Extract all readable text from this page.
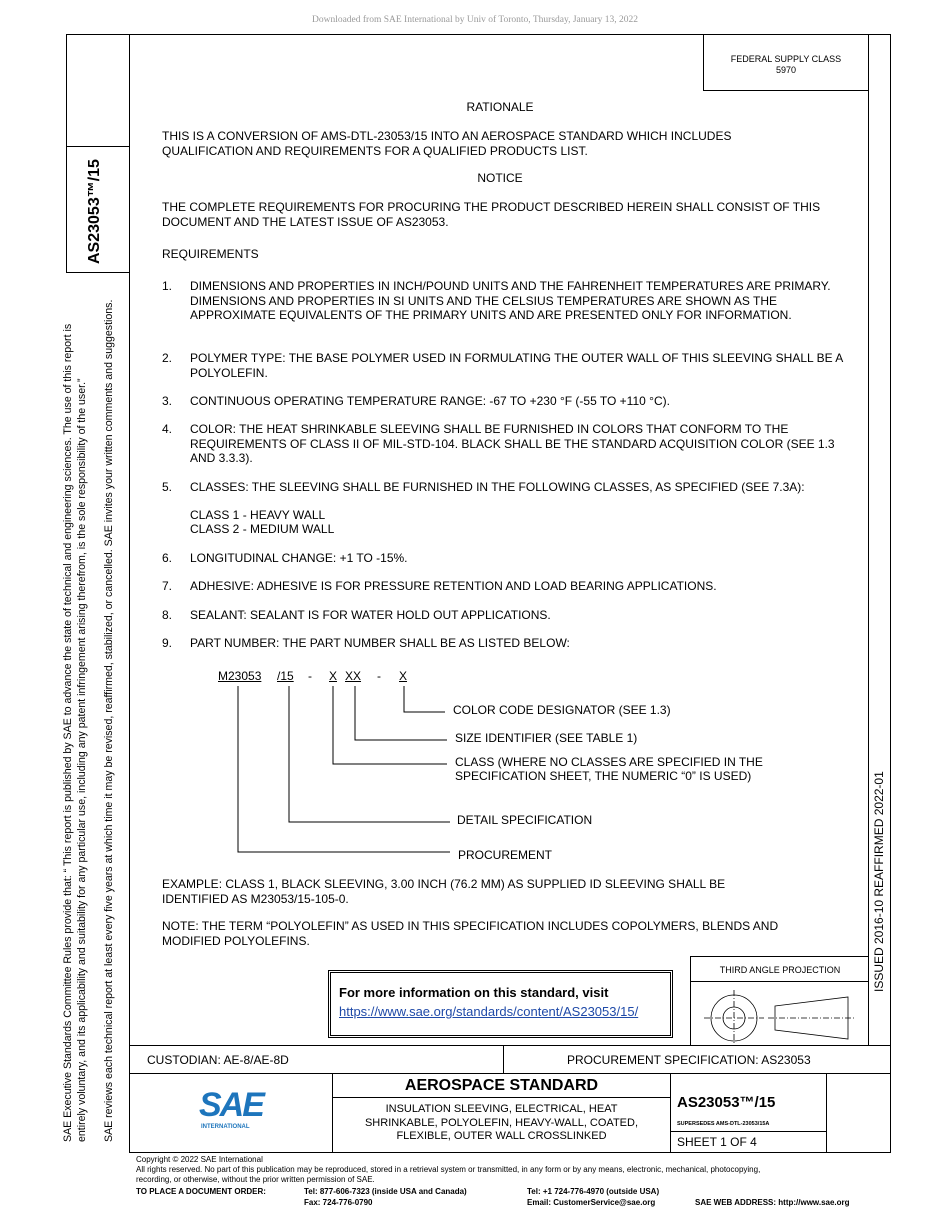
Downloaded from SAE International by Univ of Toronto, Thursday, January 13, 2022
FEDERAL SUPPLY CLASS
5970
AS23053™/15
SAE Executive Standards Committee Rules provide that: “ This report is published by SAE to advance the state of technical and engineering sciences. The use of this report is entirely voluntary, and its applicability and suitability for any particular use, including any patent infringement arising therefrom, is the sole responsibility of the user.” SAE reviews each technical report at least every five years at which time it may be revised, reaffirmed, stabilized, or cancelled. SAE invites your written comments and suggestions.	ISSUED 2016-10 REAFFIRMED 2022-01
RATIONALE
THIS IS A CONVERSION OF AMS-DTL-23053/15 INTO AN AEROSPACE STANDARD WHICH INCLUDES QUALIFICATION AND REQUIREMENTS FOR A QUALIFIED PRODUCTS LIST.
NOTICE
THE COMPLETE REQUIREMENTS FOR PROCURING THE PRODUCT DESCRIBED HEREIN SHALL CONSIST OF THIS DOCUMENT AND THE LATEST ISSUE OF AS23053.
REQUIREMENTS
1. DIMENSIONS AND PROPERTIES IN INCH/POUND UNITS AND THE FAHRENHEIT TEMPERATURES ARE PRIMARY. DIMENSIONS AND PROPERTIES IN SI UNITS AND THE CELSIUS TEMPERATURES ARE SHOWN AS THE APPROXIMATE EQUIVALENTS OF THE PRIMARY UNITS AND ARE PRESENTED ONLY FOR INFORMATION.
2. POLYMER TYPE: THE BASE POLYMER USED IN FORMULATING THE OUTER WALL OF THIS SLEEVING SHALL BE A POLYOLEFIN.
3. CONTINUOUS OPERATING TEMPERATURE RANGE: -67 TO +230 °F (-55 TO +110 °C).
4. COLOR: THE HEAT SHRINKABLE SLEEVING SHALL BE FURNISHED IN COLORS THAT CONFORM TO THE REQUIREMENTS OF CLASS II OF MIL-STD-104. BLACK SHALL BE THE STANDARD ACQUISITION COLOR (SEE 1.3 AND 3.3.3).
5. CLASSES: THE SLEEVING SHALL BE FURNISHED IN THE FOLLOWING CLASSES, AS SPECIFIED (SEE 7.3A):
CLASS 1 - HEAVY WALL
CLASS 2 - MEDIUM WALL
6. LONGITUDINAL CHANGE: +1 TO -15%.
7. ADHESIVE: ADHESIVE IS FOR PRESSURE RETENTION AND LOAD BEARING APPLICATIONS.
8. SEALANT: SEALANT IS FOR WATER HOLD OUT APPLICATIONS.
9. PART NUMBER: THE PART NUMBER SHALL BE AS LISTED BELOW:
M23053 /15 - X XX - X
COLOR CODE DESIGNATOR (SEE 1.3)
SIZE IDENTIFIER (SEE TABLE 1)
CLASS (WHERE NO CLASSES ARE SPECIFIED IN THE
SPECIFICATION SHEET, THE NUMERIC “0” IS USED)
DETAIL SPECIFICATION
PROCUREMENT
EXAMPLE: CLASS 1, BLACK SLEEVING, 3.00 INCH (76.2 MM) AS SUPPLIED ID SLEEVING SHALL BE IDENTIFIED AS M23053/15-105-0.
NOTE: THE TERM “POLYOLEFIN” AS USED IN THIS SPECIFICATION INCLUDES COPOLYMERS, BLENDS AND MODIFIED POLYOLEFINS.
For more information on this standard, visit
https://www.sae.org/standards/content/AS23053/15/
THIRD ANGLE PROJECTION
CUSTODIAN: AE-8/AE-8D	PROCUREMENT SPECIFICATION: AS23053
SAE
INTERNATIONAL
AEROSPACE STANDARD
INSULATION SLEEVING, ELECTRICAL, HEAT
SHRINKABLE, POLYOLEFIN, HEAVY-WALL, COATED,
FLEXIBLE, OUTER WALL CROSSLINKED
AS23053™/15
SUPERSEDES AMS-DTL-23053/15A
SHEET 1 OF 4
Copyright © 2022 SAE International
All rights reserved. No part of this publication may be reproduced, stored in a retrieval system or transmitted, in any form or by any means, electronic, mechanical, photocopying,
recording, or otherwise, without the prior written permission of SAE.
TO PLACE A DOCUMENT ORDER:	Tel: 877-606-7323 (inside USA and Canada)
Fax: 724-776-0790
Tel: +1 724-776-4970 (outside USA)
Email: CustomerService@sae.org	SAE WEB ADDRESS: http://www.sae.org
